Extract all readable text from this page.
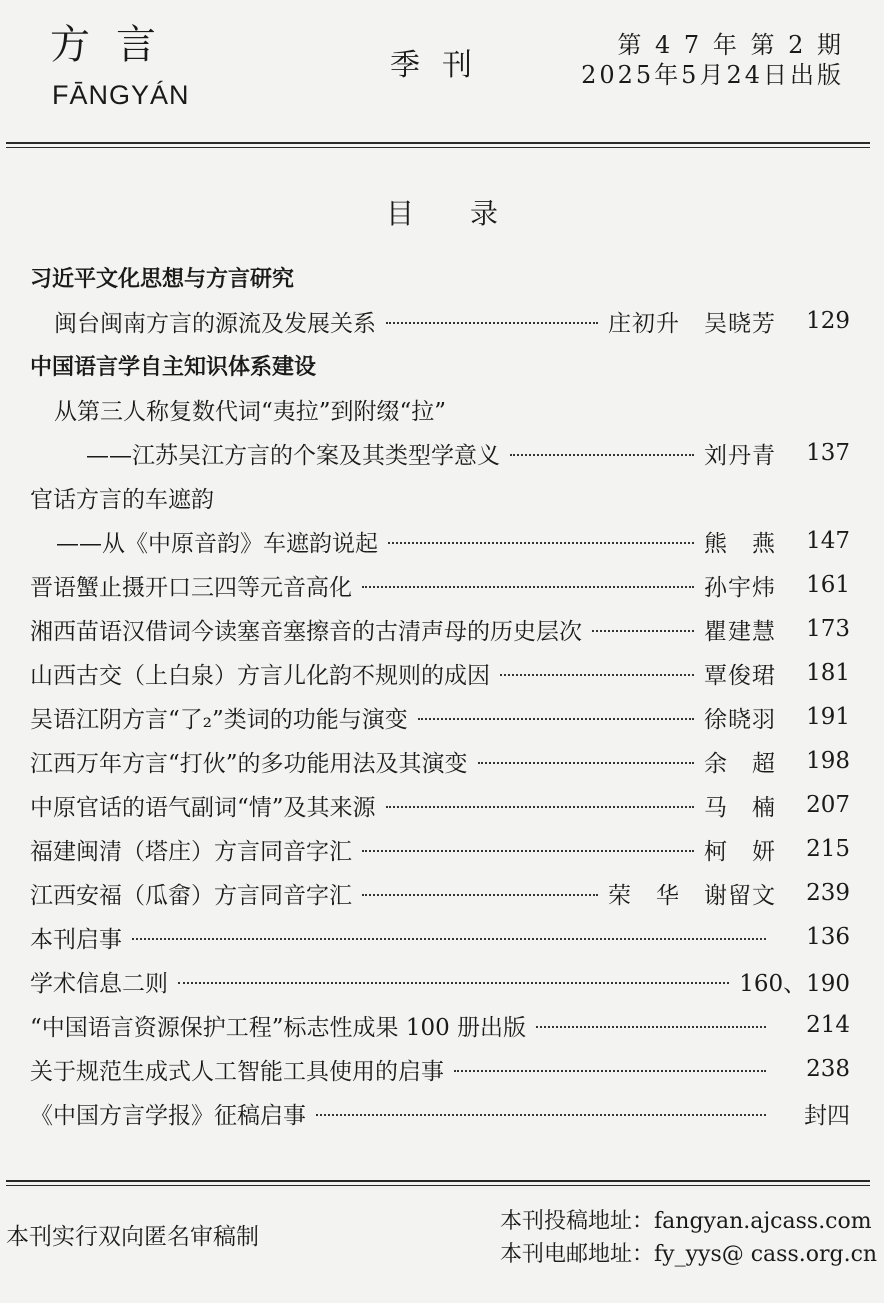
方言
FĀNGYÁN
季刊
第 4 7 年 第 2 期
2025年5月24日出版
目录
习近平文化思想与方言研究
闽台闽南方言的源流及发展关系	庄初升　吴晓芳	129
中国语言学自主知识体系建设
从第三人称复数代词“夷拉”到附缀“拉”
——江苏吴江方言的个案及其类型学意义	刘丹青	137
官话方言的车遮韵
——从《中原音韵》车遮韵说起	熊　燕	147
晋语蟹止摄开口三四等元音高化	孙宇炜	161
湘西苗语汉借词今读塞音塞擦音的古清声母的历史层次	瞿建慧	173
山西古交（上白泉）方言儿化韵不规则的成因	覃俊珺	181
吴语江阴方言“了₂”类词的功能与演变	徐晓羽	191
江西万年方言“打伙”的多功能用法及其演变	余　超	198
中原官话的语气副词“情”及其来源	马　楠	207
福建闽清（塔庄）方言同音字汇	柯　妍	215
江西安福（瓜畲）方言同音字汇	荣　华　谢留文	239
本刊启事	136
学术信息二则	160、190
“中国语言资源保护工程”标志性成果 100 册出版	214
关于规范生成式人工智能工具使用的启事	238
《中国方言学报》征稿启事	封四
本刊实行双向匿名审稿制
本刊投稿地址：fangyan.ajcass.com
本刊电邮地址：fy_yys@ cass.org.cn
